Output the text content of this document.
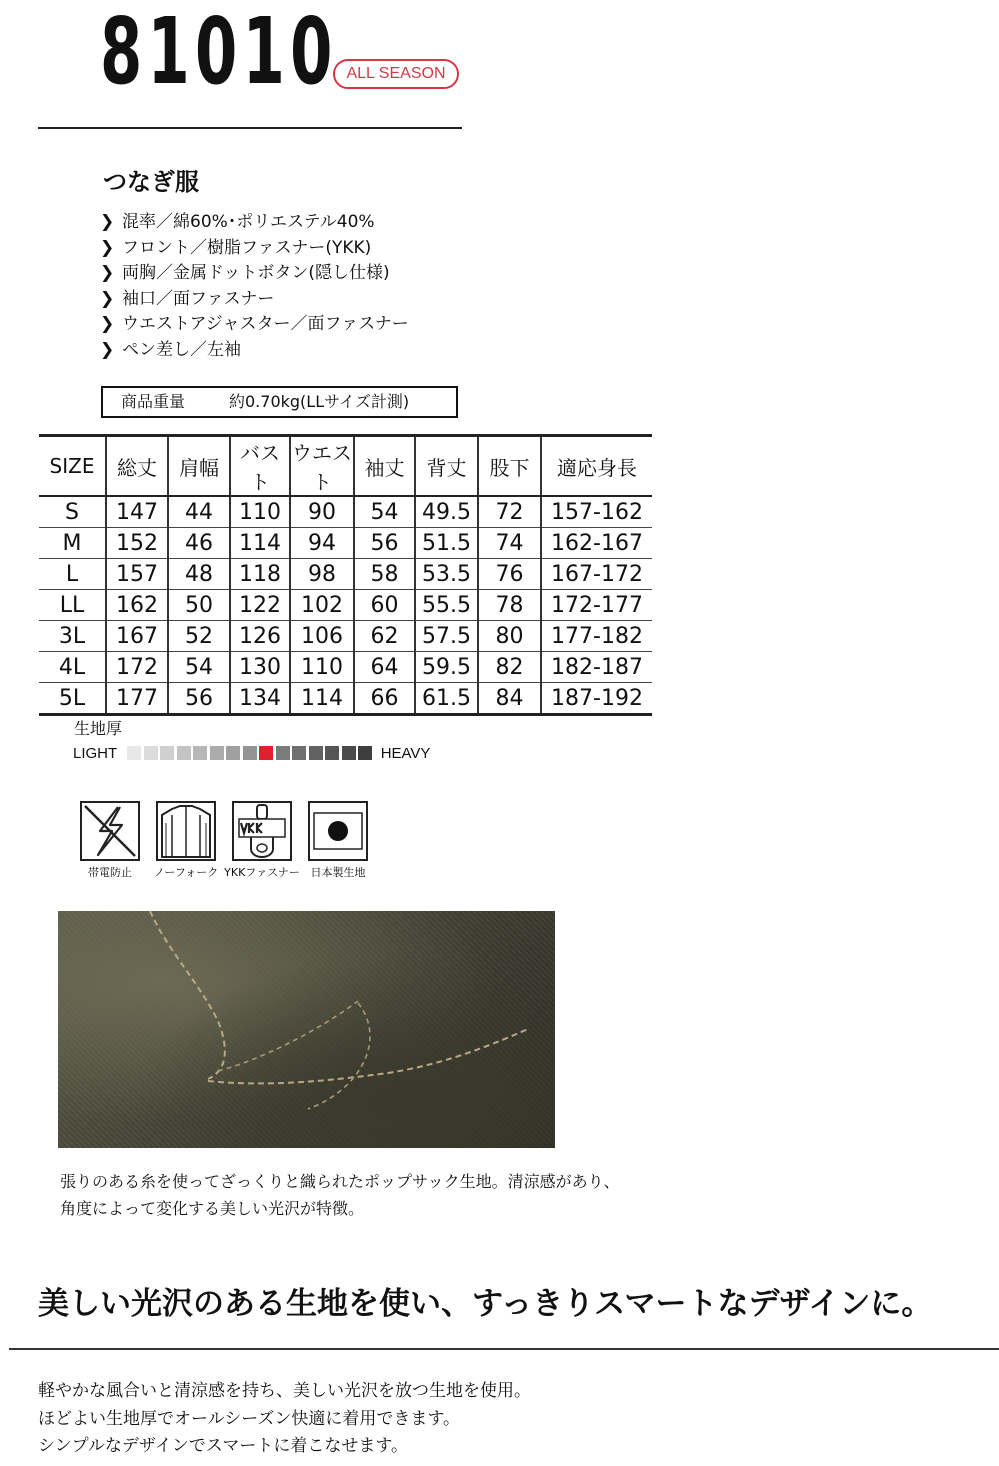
81010 ALL SEASON
つなぎ服
❯ 混率／綿60%･ポリエステル40%
❯ フロント／樹脂ファスナー(YKK)
❯ 両胸／金属ドットボタン(隠し仕様)
❯ 袖口／面ファスナー
❯ ウエストアジャスター／面ファスナー
❯ ペン差し／左袖
商品重量	約0.70kg(LLサイズ計測)
SIZE	総丈	肩幅	バスト	ウエスト	袖丈	背丈	股下	適応身長
S	147	44	110	90	54	49.5	72	157-162
M	152	46	114	94	56	51.5	74	162-167
L	157	48	118	98	58	53.5	76	167-172
LL	162	50	122	102	60	55.5	78	172-177
3L	167	52	126	106	62	57.5	80	177-182
4L	172	54	130	110	64	59.5	82	182-187
5L	177	56	134	114	66	61.5	84	187-192
生地厚
LIGHT	HEAVY
帯電防止	ノーフォーク YKKファスナー 日本製生地
張りのある糸を使ってざっくりと織られたポップサック生地。清涼感があり、
角度によって変化する美しい光沢が特徴。
美しい光沢のある生地を使い、すっきりスマートなデザインに。
軽やかな風合いと清涼感を持ち、美しい光沢を放つ生地を使用。
ほどよい生地厚でオールシーズン快適に着用できます。
シンプルなデザインでスマートに着こなせます。
